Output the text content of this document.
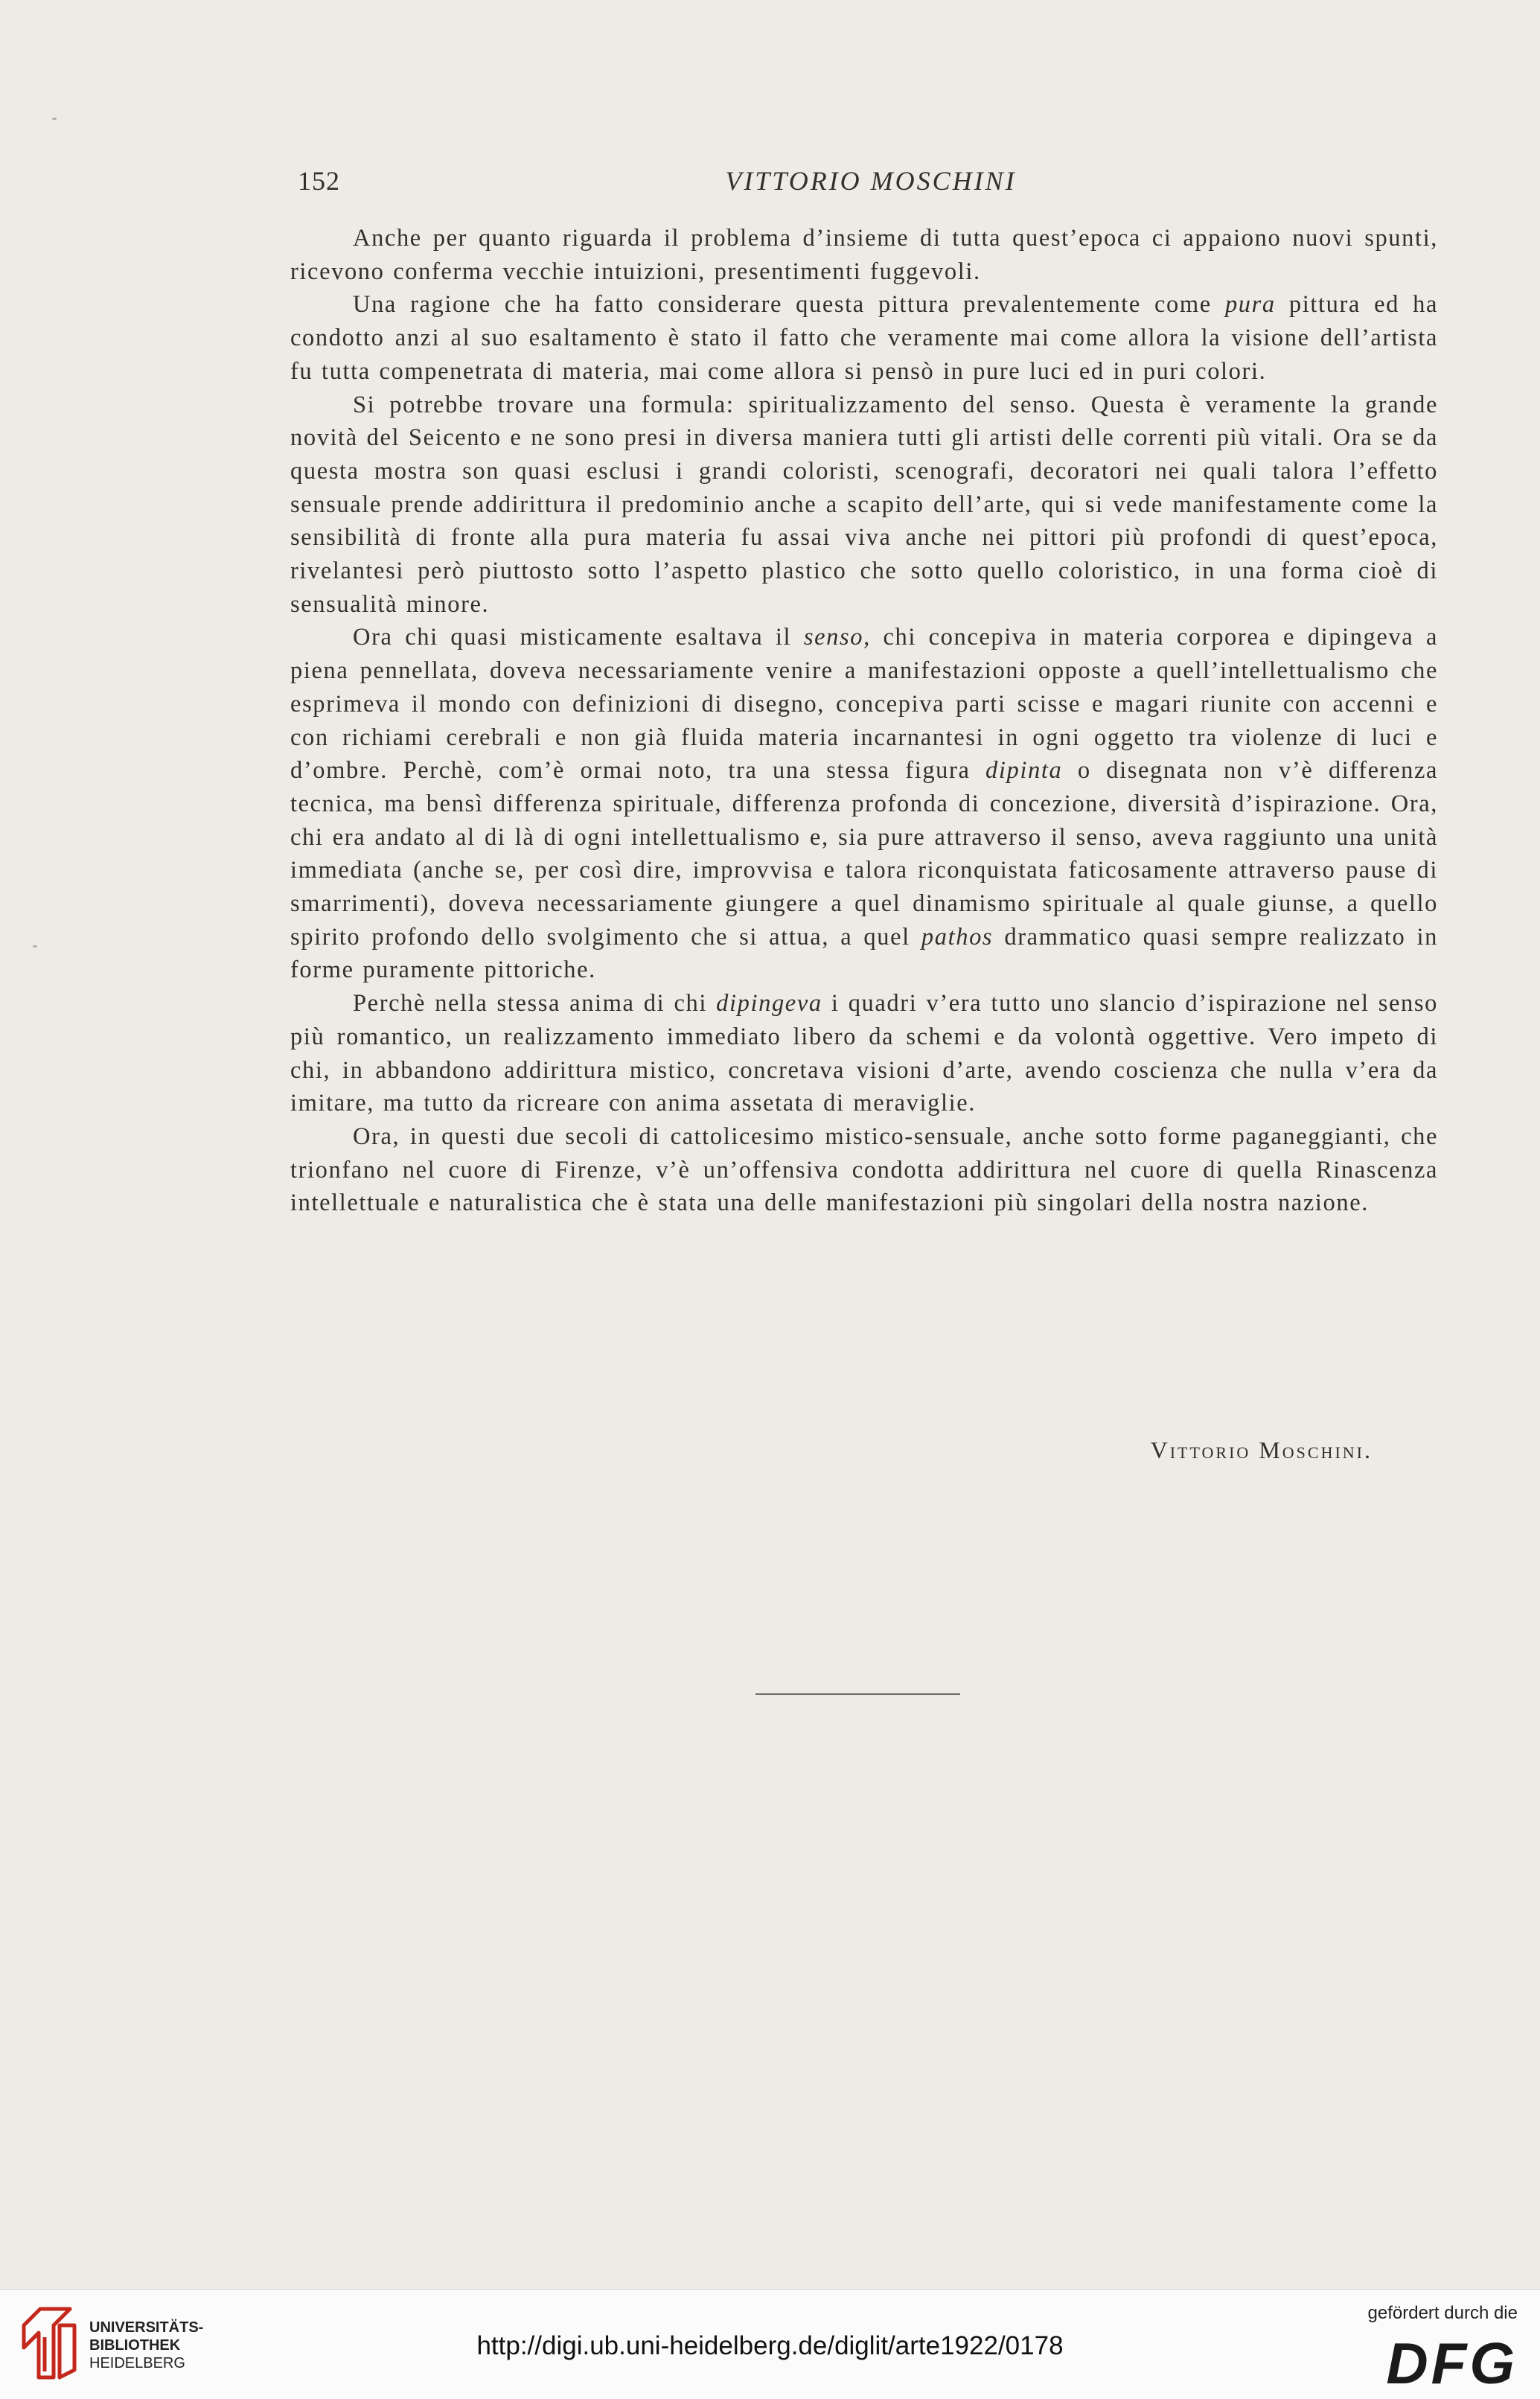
152	VITTORIO MOSCHINI

Anche per quanto riguarda il problema d’insieme di tutta quest’epoca ci appaiono nuovi spunti, ricevono conferma vecchie intuizioni, presentimenti fuggevoli.

Una ragione che ha fatto considerare questa pittura prevalentemente come pura pittura ed ha condotto anzi al suo esaltamento è stato il fatto che veramente mai come allora la visione dell’artista fu tutta compenetrata di materia, mai come allora si pensò in pure luci ed in puri colori.

Si potrebbe trovare una formula: spiritualizzamento del senso. Questa è veramente la grande novità del Seicento e ne sono presi in diversa maniera tutti gli artisti delle correnti più vitali. Ora se da questa mostra son quasi esclusi i grandi coloristi, scenografi, decoratori nei quali talora l’effetto sensuale prende addirittura il predominio anche a scapito dell’arte, qui si vede manifestamente come la sensibilità di fronte alla pura materia fu assai viva anche nei pittori più profondi di quest’epoca, rivelantesi però piuttosto sotto l’aspetto plastico che sotto quello coloristico, in una forma cioè di sensualità minore.

Ora chi quasi misticamente esaltava il senso, chi concepiva in materia corporea e dipingeva a piena pennellata, doveva necessariamente venire a manifestazioni opposte a quell’intellettualismo che esprimeva il mondo con definizioni di disegno, concepiva parti scisse e magari riunite con accenni e con richiami cerebrali e non già fluida materia incarnantesi in ogni oggetto tra violenze di luci e d’ombre. Perchè, com’è ormai noto, tra una stessa figura dipinta o disegnata non v’è differenza tecnica, ma bensì differenza spirituale, differenza profonda di concezione, diversità d’ispirazione. Ora, chi era andato al di là di ogni intellettualismo e, sia pure attraverso il senso, aveva raggiunto una unità immediata (anche se, per così dire, improvvisa e talora riconquistata faticosamente attraverso pause di smarrimenti), doveva necessariamente giungere a quel dinamismo spirituale al quale giunse, a quello spirito profondo dello svolgimento che si attua, a quel pathos drammatico quasi sempre realizzato in forme puramente pittoriche.

Perchè nella stessa anima di chi dipingeva i quadri v’era tutto uno slancio d’ispirazione nel senso più romantico, un realizzamento immediato libero da schemi e da volontà oggettive. Vero impeto di chi, in abbandono addirittura mistico, concretava visioni d’arte, avendo coscienza che nulla v’era da imitare, ma tutto da ricreare con anima assetata di meraviglie.

Ora, in questi due secoli di cattolicesimo mistico-sensuale, anche sotto forme paganeggianti, che trionfano nel cuore di Firenze, v’è un’offensiva condotta addirittura nel cuore di quella Rinascenza intellettuale e naturalistica che è stata una delle manifestazioni più singolari della nostra nazione.

Vittorio Moschini.
UNIVERSITÄTS-
BIBLIOTHEK
HEIDELBERG
http://digi.ub.uni-heidelberg.de/diglit/arte1922/0178
gefördert durch die
DFG
